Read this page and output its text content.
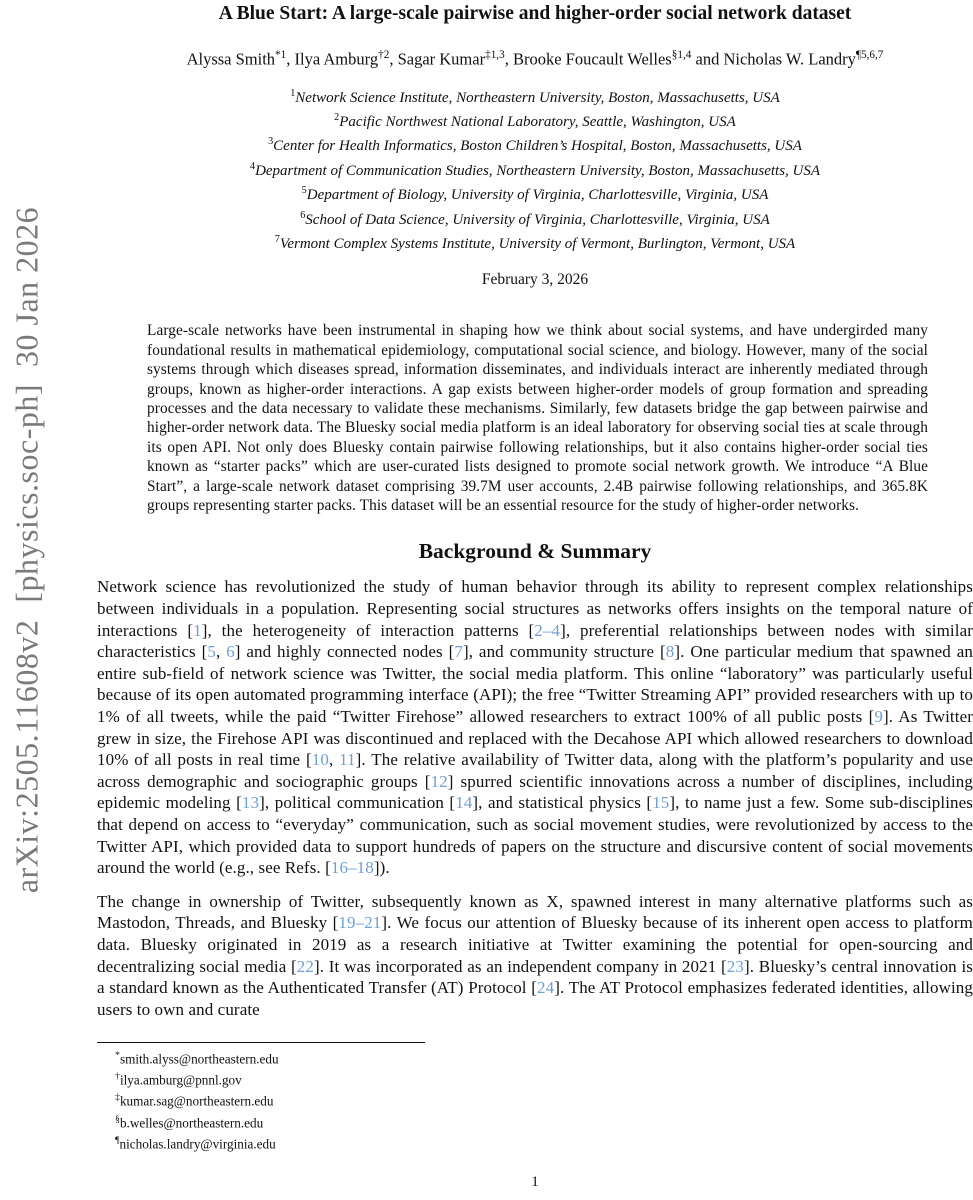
arXiv:2505.11608v2  [physics.soc-ph]  30 Jan 2026
A Blue Start: A large-scale pairwise and higher-order social network dataset
Alyssa Smith$^{*1}$, Ilya Amburg$^{\dagger 2}$, Sagar Kumar$^{\ddagger 1,3}$, Brooke Foucault Welles$^{\S 1,4}$ and Nicholas W. Landry$^{\P 5,6,7}$
$^1$Network Science Institute, Northeastern University, Boston, Massachusetts, USA
$^2$Pacific Northwest National Laboratory, Seattle, Washington, USA
$^3$Center for Health Informatics, Boston Children’s Hospital, Boston, Massachusetts, USA
$^4$Department of Communication Studies, Northeastern University, Boston, Massachusetts, USA
$^5$Department of Biology, University of Virginia, Charlottesville, Virginia, USA
$^6$School of Data Science, University of Virginia, Charlottesville, Virginia, USA
$^7$Vermont Complex Systems Institute, University of Vermont, Burlington, Vermont, USA
February 3, 2026
Large-scale networks have been instrumental in shaping how we think about social systems, and have undergirded many foundational results in mathematical epidemiology, computational social science, and biology. However, many of the social systems through which diseases spread, information disseminates, and individuals interact are inherently mediated through groups, known as higher-order interactions. A gap exists between higher-order models of group formation and spreading processes and the data necessary to validate these mechanisms. Similarly, few datasets bridge the gap between pairwise and higher-order network data. The Bluesky social media platform is an ideal laboratory for observing social ties at scale through its open API. Not only does Bluesky contain pairwise following relationships, but it also contains higher-order social ties known as “starter packs” which are user-curated lists designed to promote social network growth. We introduce “A Blue Start”, a large-scale network dataset comprising 39.7M user accounts, 2.4B pairwise following relationships, and 365.8K groups representing starter packs. This dataset will be an essential resource for the study of higher-order networks.
Background & Summary

Network science has revolutionized the study of human behavior through its ability to represent complex relationships between individuals in a population. Representing social structures as networks offers insights on the temporal nature of interactions [1], the heterogeneity of interaction patterns [2–4], preferential relationships between nodes with similar characteristics [5, 6] and highly connected nodes [7], and community structure [8]. One particular medium that spawned an entire sub-field of network science was Twitter, the social media platform. This online “laboratory” was particularly useful because of its open automated programming interface (API); the free “Twitter Streaming API” provided researchers with up to 1% of all tweets, while the paid “Twitter Firehose” allowed researchers to extract 100% of all public posts [9]. As Twitter grew in size, the Firehose API was discontinued and replaced with the Decahose API which allowed researchers to download 10% of all posts in real time [10, 11]. The relative availability of Twitter data, along with the platform’s popularity and use across demographic and sociographic groups [12] spurred scientific innovations across a number of disciplines, including epidemic modeling [13], political communication [14], and statistical physics [15], to name just a few. Some sub-disciplines that depend on access to “everyday” communication, such as social movement studies, were revolutionized by access to the Twitter API, which provided data to support hundreds of papers on the structure and discursive content of social movements around the world (e.g., see Refs. [16–18]).

The change in ownership of Twitter, subsequently known as X, spawned interest in many alternative platforms such as Mastodon, Threads, and Bluesky [19–21]. We focus our attention of Bluesky because of its inherent open access to platform data. Bluesky originated in 2019 as a research initiative at Twitter examining the potential for open-sourcing and decentralizing social media [22]. It was incorporated as an independent company in 2021 [23]. Bluesky’s central innovation is a standard known as the Authenticated Transfer (AT) Protocol [24]. The AT Protocol emphasizes federated identities, allowing users to own and curate

*smith.alyss@northeastern.edu
†ilya.amburg@pnnl.gov
‡kumar.sag@northeastern.edu
§b.welles@northeastern.edu
¶nicholas.landry@virginia.edu
1
